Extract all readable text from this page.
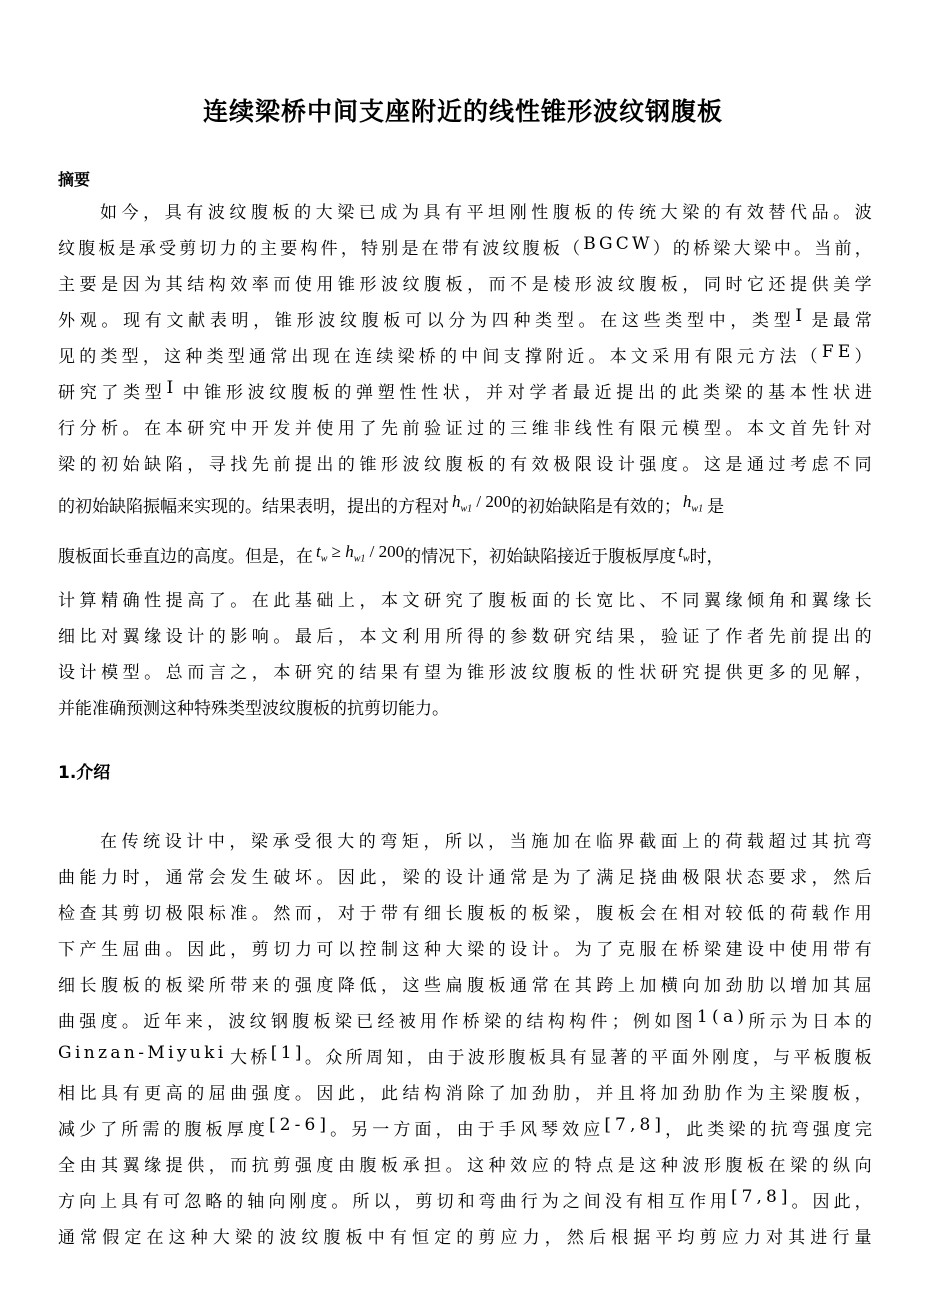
连续梁桥中间支座附近的线性锥形波纹钢腹板
摘要
如 今 ， 具 有 波 纹 腹 板 的 大 梁 已 成 为 具 有 平 坦 刚 性 腹 板 的 传 统 大 梁 的 有 效 替 代 品 。 波
纹 腹 板 是 承 受 剪 切 力 的 主 要 构 件 ， 特 别 是 在 带 有 波 纹 腹 板 （ B G C W ） 的 桥 梁 大 梁 中 。 当 前 ，
主 要 是 因 为 其 结 构 效 率 而 使 用 锥 形 波 纹 腹 板 ， 而 不 是 棱 形 波 纹 腹 板 ， 同 时 它 还 提 供 美 学
外 观 。 现 有 文 献 表 明 ， 锥 形 波 纹 腹 板 可 以 分 为 四 种 类 型 。 在 这 些 类 型 中 ， 类 型 I 是 最 常
见 的 类 型 ， 这 种 类 型 通 常 出 现 在 连 续 梁 桥 的 中 间 支 撑 附 近 。 本 文 采 用 有 限 元 方 法 （ F E ）
研 究 了 类 型 I 中 锥 形 波 纹 腹 板 的 弹 塑 性 性 状 ， 并 对 学 者 最 近 提 出 的 此 类 梁 的 基 本 性 状 进
行 分 析 。 在 本 研 究 中 开 发 并 使 用 了 先 前 验 证 过 的 三 维 非 线 性 有 限 元 模 型 。 本 文 首 先 针 对
梁 的 初 始 缺 陷 ， 寻 找 先 前 提 出 的 锥 形 波 纹 腹 板 的 有 效 极 限 设 计 强 度 。 这 是 通 过 考 虑 不 同
的初始缺陷振幅来实现的。结果表明，提出的方程对 $h_{w1} / 200$ 的初始缺陷是有效的； $h_{w1}$ 是
腹板面长垂直边的高度。但是，在 $t_w \ge h_{w1} / 200$ 的情况下，初始缺陷接近于腹板厚度 $t_w$ 时，
计 算 精 确 性 提 高 了 。 在 此 基 础 上 ， 本 文 研 究 了 腹 板 面 的 长 宽 比 、 不 同 翼 缘 倾 角 和 翼 缘 长
细 比 对 翼 缘 设 计 的 影 响 。 最 后 ， 本 文 利 用 所 得 的 参 数 研 究 结 果 ， 验 证 了 作 者 先 前 提 出 的
设 计 模 型 。 总 而 言 之 ， 本 研 究 的 结 果 有 望 为 锥 形 波 纹 腹 板 的 性 状 研 究 提 供 更 多 的 见 解 ，
并能准确预测这种特殊类型波纹腹板的抗剪切能力。
1.介绍
在 传 统 设 计 中 ， 梁 承 受 很 大 的 弯 矩 ， 所 以 ， 当 施 加 在 临 界 截 面 上 的 荷 载 超 过 其 抗 弯
曲 能 力 时 ， 通 常 会 发 生 破 坏 。 因 此 ， 梁 的 设 计 通 常 是 为 了 满 足 挠 曲 极 限 状 态 要 求 ， 然 后
检 查 其 剪 切 极 限 标 准 。 然 而 ， 对 于 带 有 细 长 腹 板 的 板 梁 ， 腹 板 会 在 相 对 较 低 的 荷 载 作 用
下 产 生 屈 曲 。 因 此 ， 剪 切 力 可 以 控 制 这 种 大 梁 的 设 计 。 为 了 克 服 在 桥 梁 建 设 中 使 用 带 有
细 长 腹 板 的 板 梁 所 带 来 的 强 度 降 低 ， 这 些 扁 腹 板 通 常 在 其 跨 上 加 横 向 加 劲 肋 以 增 加 其 屈
曲 强 度 。 近 年 来 ， 波 纹 钢 腹 板 梁 已 经 被 用 作 桥 梁 的 结 构 构 件 ； 例 如 图 1 ( a ) 所 示 为 日 本 的
G i n z a n - M i y u k i 大 桥 [ 1 ] 。 众 所 周 知 ， 由 于 波 形 腹 板 具 有 显 著 的 平 面 外 刚 度 ， 与 平 板 腹 板
相 比 具 有 更 高 的 屈 曲 强 度 。 因 此 ， 此 结 构 消 除 了 加 劲 肋 ， 并 且 将 加 劲 肋 作 为 主 梁 腹 板 ，
减 少 了 所 需 的 腹 板 厚 度 [ 2 - 6 ] 。 另 一 方 面 ， 由 于 手 风 琴 效 应 [ 7 , 8 ] ， 此 类 梁 的 抗 弯 强 度 完
全 由 其 翼 缘 提 供 ， 而 抗 剪 强 度 由 腹 板 承 担 。 这 种 效 应 的 特 点 是 这 种 波 形 腹 板 在 梁 的 纵 向
方 向 上 具 有 可 忽 略 的 轴 向 刚 度 。 所 以 ， 剪 切 和 弯 曲 行 为 之 间 没 有 相 互 作 用 [ 7 , 8 ] 。 因 此 ，
通 常 假 定 在 这 种 大 梁 的 波 纹 腹 板 中 有 恒 定 的 剪 应 力 ， 然 后 根 据 平 均 剪 应 力 对 其 进 行 量
